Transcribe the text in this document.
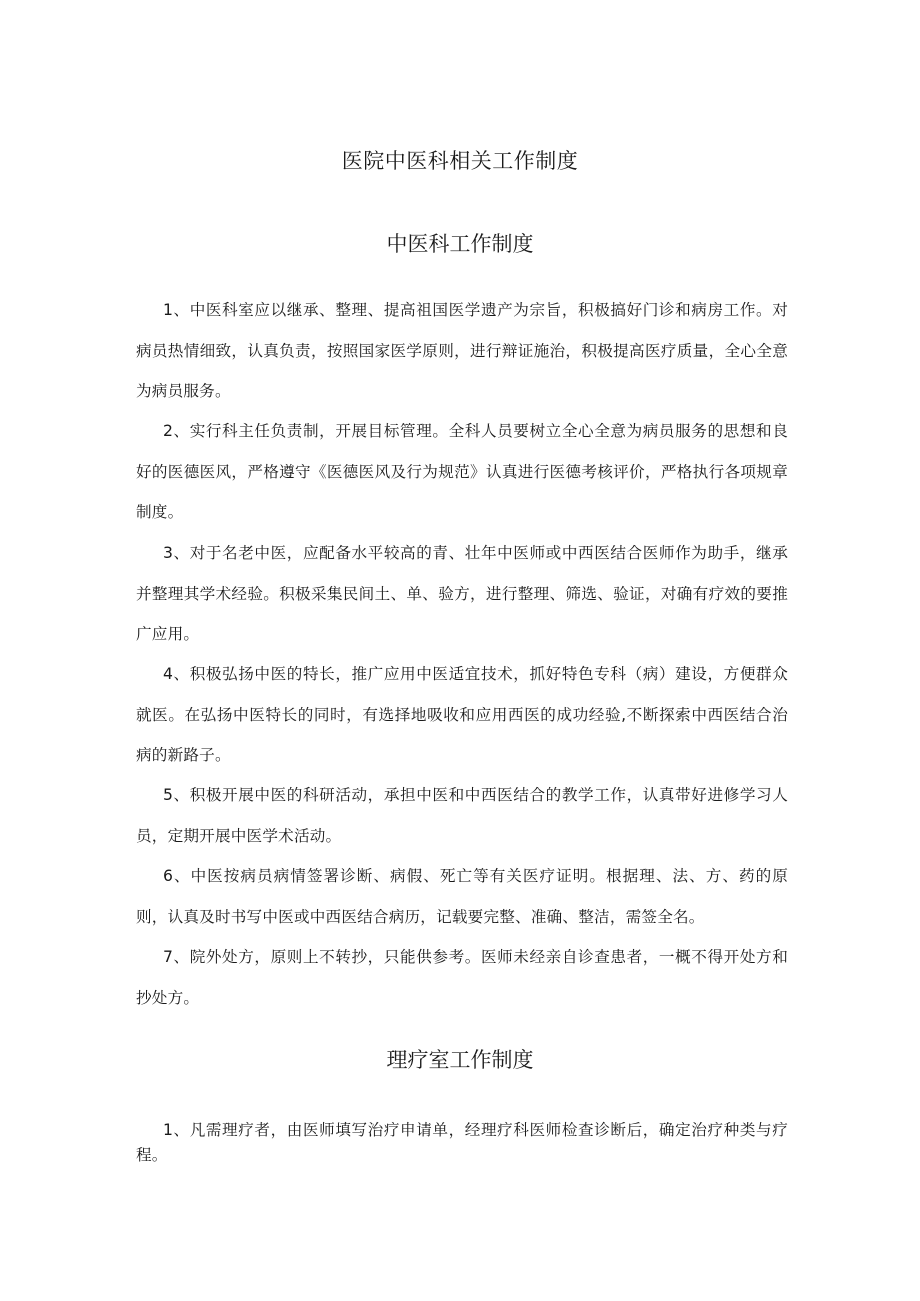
医院中医科相关工作制度
中医科工作制度

1、中医科室应以继承、整理、提高祖国医学遗产为宗旨，积极搞好门诊和病房工作。对病员热情细致，认真负责，按照国家医学原则，进行辩证施治，积极提高医疗质量，全心全意为病员服务。

2、实行科主任负责制，开展目标管理。全科人员要树立全心全意为病员服务的思想和良好的医德医风，严格遵守《医德医风及行为规范》认真进行医德考核评价，严格执行各项规章制度。

3、对于名老中医，应配备水平较高的青、壮年中医师或中西医结合医师作为助手，继承并整理其学术经验。积极采集民间土、单、验方，进行整理、筛选、验证，对确有疗效的要推广应用。

4、积极弘扬中医的特长，推广应用中医适宜技术，抓好特色专科（病）建设，方便群众就医。在弘扬中医特长的同时，有选择地吸收和应用西医的成功经验,不断探索中西医结合治病的新路子。

5、积极开展中医的科研活动，承担中医和中西医结合的教学工作，认真带好进修学习人员，定期开展中医学术活动。

6、中医按病员病情签署诊断、病假、死亡等有关医疗证明。根据理、法、方、药的原则，认真及时书写中医或中西医结合病历，记载要完整、准确、整洁，需签全名。

7、院外处方，原则上不转抄，只能供参考。医师未经亲自诊查患者，一概不得开处方和抄处方。

理疗室工作制度

1、凡需理疗者，由医师填写治疗申请单，经理疗科医师检查诊断后，确定治疗种类与疗程。
